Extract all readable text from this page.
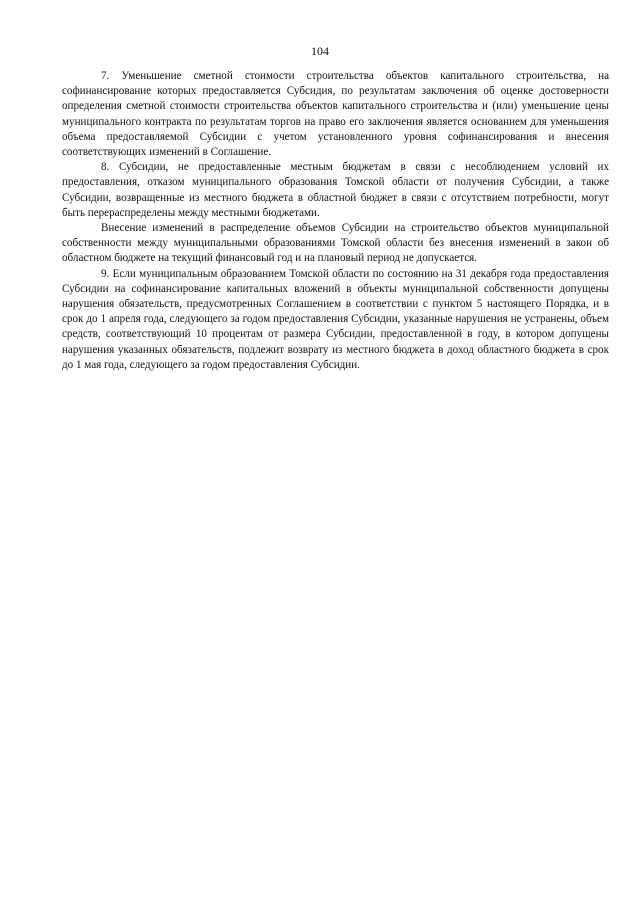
104

7. Уменьшение сметной стоимости строительства объектов капитального строительства, на софинансирование которых предоставляется Субсидия, по результатам заключения об оценке достоверности определения сметной стоимости строительства объектов капитального строительства и (или) уменьшение цены муниципального контракта по результатам торгов на право его заключения является основанием для уменьшения объема предоставляемой Субсидии с учетом установленного уровня софинансирования и внесения соответствующих изменений в Соглашение.

8. Субсидии, не предоставленные местным бюджетам в связи с несоблюдением условий их предоставления, отказом муниципального образования Томской области от получения Субсидии, а также Субсидии, возвращенные из местного бюджета в областной бюджет в связи с отсутствием потребности, могут быть перераспределены между местными бюджетами.

Внесение изменений в распределение объемов Субсидии на строительство объектов муниципальной собственности между муниципальными образованиями Томской области без внесения изменений в закон об областном бюджете на текущий финансовый год и на плановый период не допускается.

9. Если муниципальным образованием Томской области по состоянию на 31 декабря года предоставления Субсидии на софинансирование капитальных вложений в объекты муниципальной собственности допущены нарушения обязательств, предусмотренных Соглашением в соответствии с пунктом 5 настоящего Порядка, и в срок до 1 апреля года, следующего за годом предоставления Субсидии, указанные нарушения не устранены, объем средств, соответствующий 10 процентам от размера Субсидии, предоставленной в году, в котором допущены нарушения указанных обязательств, подлежит возврату из местного бюджета в доход областного бюджета в срок до 1 мая года, следующего за годом предоставления Субсидии.
